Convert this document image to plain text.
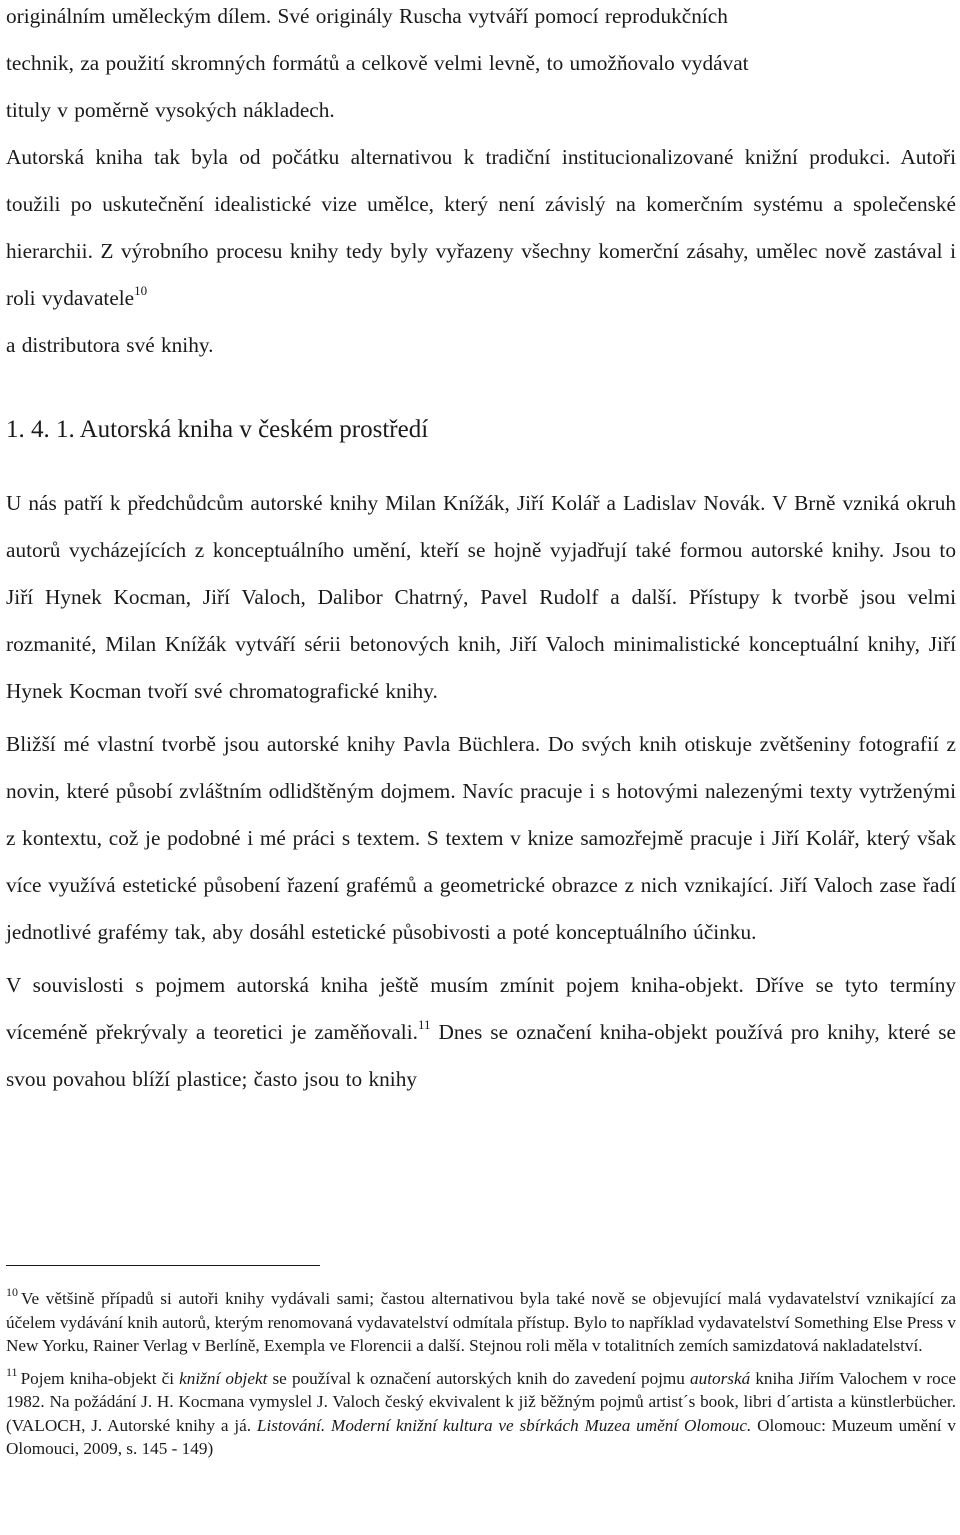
originálním uměleckým dílem. Své originály Ruscha vytváří pomocí reprodukčních
technik, za použití skromných formátů a celkově velmi levně, to umožňovalo vydávat
tituly v poměrně vysokých nákladech.

Autorská kniha tak byla od počátku alternativou k tradiční institucionalizované knižní produkci. Autoři toužili po uskutečnění idealistické vize umělce, který není závislý na komerčním systému a společenské hierarchii. Z výrobního procesu knihy tedy byly vyřazeny všechny komerční zásahy, umělec nově zastával i roli vydavatele$^{10}$
a distributora své knihy.

1. 4. 1. Autorská kniha v českém prostředí

U nás patří k předchůdcům autorské knihy Milan Knížák, Jiří Kolář a Ladislav Novák. V Brně vzniká okruh autorů vycházejících z konceptuálního umění, kteří se hojně vyjadřují také formou autorské knihy. Jsou to Jiří Hynek Kocman, Jiří Valoch, Dalibor Chatrný, Pavel Rudolf a další. Přístupy k tvorbě jsou velmi rozmanité, Milan Knížák vytváří sérii betonových knih, Jiří Valoch minimalistické konceptuální knihy, Jiří Hynek Kocman tvoří své chromatografické knihy.

Bližší mé vlastní tvorbě jsou autorské knihy Pavla Büchlera. Do svých knih otiskuje zvětšeniny fotografií z novin, které působí zvláštním odlidštěným dojmem. Navíc pracuje i s hotovými nalezenými texty vytrženými z kontextu, což je podobné i mé práci s textem. S textem v knize samozřejmě pracuje i Jiří Kolář, který však více využívá estetické působení řazení grafémů a geometrické obrazce z nich vznikající. Jiří Valoch zase řadí jednotlivé grafémy tak, aby dosáhl estetické působivosti a poté konceptuálního účinku.

V souvislosti s pojmem autorská kniha ještě musím zmínit pojem kniha-objekt. Dříve se tyto termíny víceméně překrývaly a teoretici je zaměňovali.$^{11}$ Dnes se označení kniha-objekt používá pro knihy, které se svou povahou blíží plastice; často jsou to knihy

$^{10}$ Ve většině případů si autoři knihy vydávali sami; častou alternativou byla také nově se objevující malá vydavatelství vznikající za účelem vydávání knih autorů, kterým renomovaná vydavatelství odmítala přístup. Bylo to například vydavatelství Something Else Press v New Yorku, Rainer Verlag v Berlíně, Exempla ve Florencii a další. Stejnou roli měla v totalitních zemích samizdatová nakladatelství.

$^{11}$ Pojem kniha-objekt či knižní objekt se používal k označení autorských knih do zavedení pojmu autorská kniha Jiřím Valochem v roce 1982. Na požádání J. H. Kocmana vymyslel J. Valoch český ekvivalent k již běžným pojmů artist´s book, libri d´artista a künstlerbücher. (VALOCH, J. Autorské knihy a já. Listování. Moderní knižní kultura ve sbírkách Muzea umění Olomouc. Olomouc: Muzeum umění v Olomouci, 2009, s. 145 - 149)
